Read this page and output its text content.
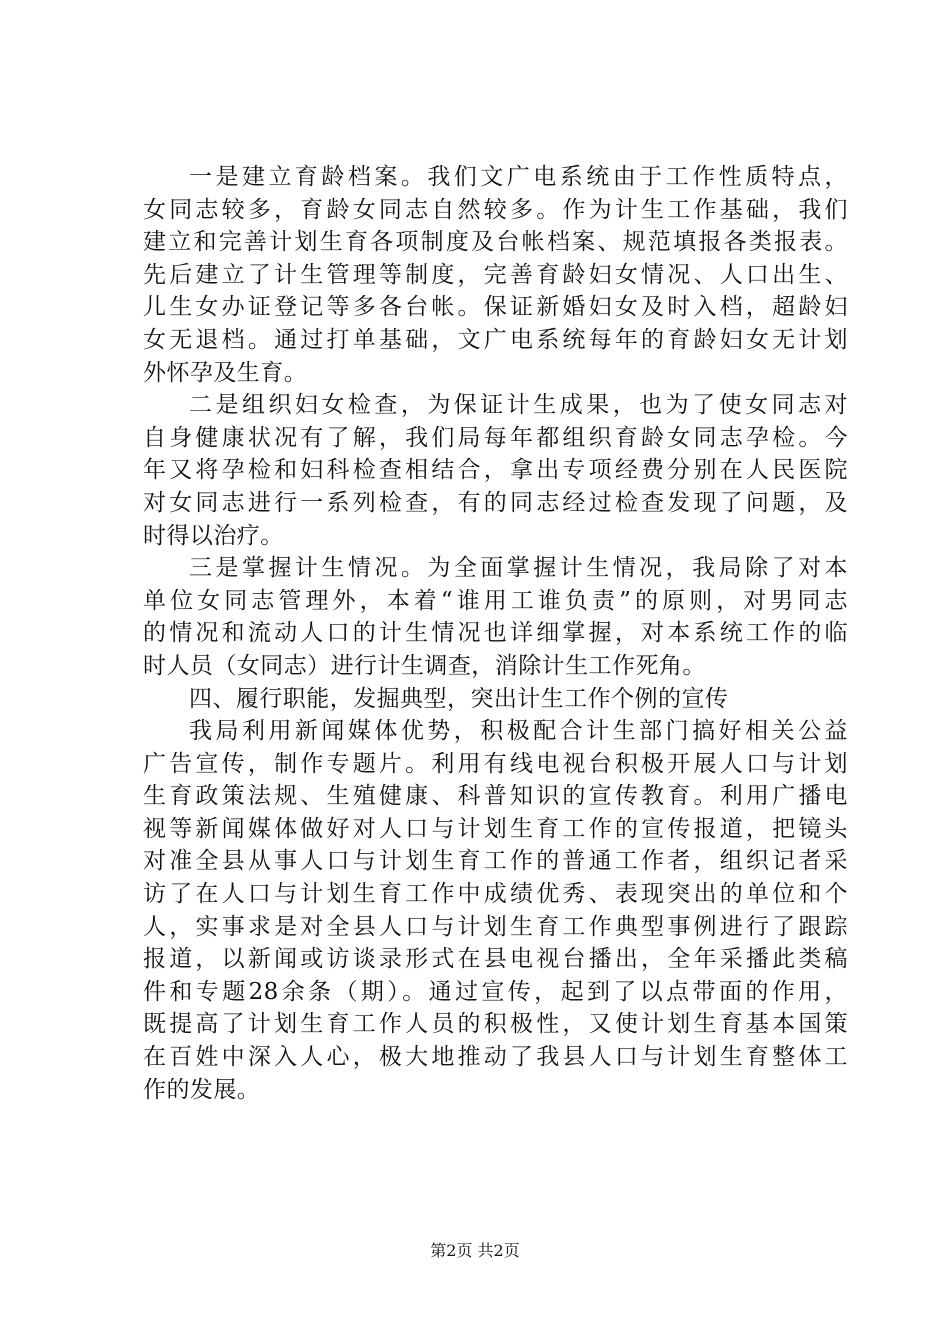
一是建立育龄档案。我们文广电系统由于工作性质特点，
女同志较多，育龄女同志自然较多。作为计生工作基础，我们
建立和完善计划生育各项制度及台帐档案、规范填报各类报表。
先后建立了计生管理等制度，完善育龄妇女情况、人口出生、
儿生女办证登记等多各台帐。保证新婚妇女及时入档，超龄妇
女无退档。通过打单基础，文广电系统每年的育龄妇女无计划
外怀孕及生育。
二是组织妇女检查，为保证计生成果，也为了使女同志对
自身健康状况有了解，我们局每年都组织育龄女同志孕检。今
年又将孕检和妇科检查相结合，拿出专项经费分别在人民医院
对女同志进行一系列检查，有的同志经过检查发现了问题，及
时得以治疗。
三是掌握计生情况。为全面掌握计生情况，我局除了对本
单位女同志管理外，本着“谁用工谁负责”的原则，对男同志
的情况和流动人口的计生情况也详细掌握，对本系统工作的临
时人员（女同志）进行计生调查，消除计生工作死角。
四、履行职能，发掘典型，突出计生工作个例的宣传
我局利用新闻媒体优势，积极配合计生部门搞好相关公益
广告宣传，制作专题片。利用有线电视台积极开展人口与计划
生育政策法规、生殖健康、科普知识的宣传教育。利用广播电
视等新闻媒体做好对人口与计划生育工作的宣传报道，把镜头
对准全县从事人口与计划生育工作的普通工作者，组织记者采
访了在人口与计划生育工作中成绩优秀、表现突出的单位和个
人，实事求是对全县人口与计划生育工作典型事例进行了跟踪
报道，以新闻或访谈录形式在县电视台播出，全年采播此类稿
件和专题28余条（期）。通过宣传，起到了以点带面的作用，
既提高了计划生育工作人员的积极性，又使计划生育基本国策
在百姓中深入人心，极大地推动了我县人口与计划生育整体工
作的发展。
第2页 共2页
